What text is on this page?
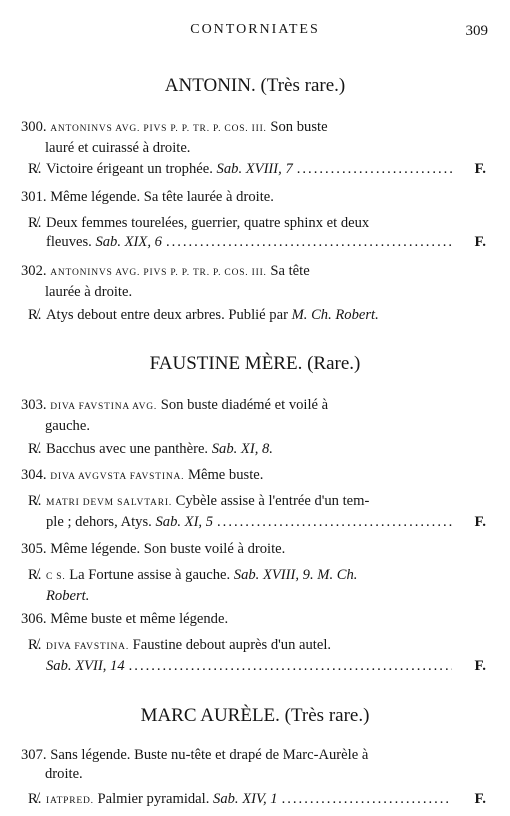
CONTORNIATES	309
ANTONIN. (Très rare.)
300. ANTONINVS AVG. PIVS P. P. TR. P. COS. III. Son buste
lauré et cuirassé à droite.
R̸. Victoire érigeant un trophée.
Sab. XVIII, 7 .....	F.
301. Même légende. Sa tête laurée à droite.
R̸. Deux femmes tourelées, guerrier, quatre sphinx et deux
fleuves.
Sab. XIX, 6 .....	F.
302. ANTONINVS AVG. PIVS P. P. TR. P. COS. III. Sa tête
laurée à droite.
R̸. Atys debout entre deux arbres. Publié par M. Ch. Robert.
FAUSTINE MÈRE. (Rare.)
303. DIVA FAVSTINA AVG. Son buste diadémé et voilé à
gauche.
R̸. Bacchus avec une panthère. Sab. XI, 8.
304. DIVA AVGVSTA FAVSTINA. Même buste.
R̸. MATRI DEVM SALVTARI. Cybèle assise à l'entrée d'un tem-
ple ; dehors, Atys.
Sab. XI, 5 .....	F.
305. Même légende. Son buste voilé à droite.
R̸. C S. La Fortune assise à gauche. Sab. XVIII, 9. M. Ch.
Robert.
306. Même buste et même légende.
R̸. DIVA FAVSTINA. Faustine debout auprès d'un autel.
Sab. XVII, 14 .....	F.
MARC AURÈLE. (Très rare.)
307. Sans légende. Buste nu-tête et drapé de Marc-Aurèle à
droite.
R̸. IATPRED.
Palmier pyramidal.
Sab. XIV, 1 .....	F.
